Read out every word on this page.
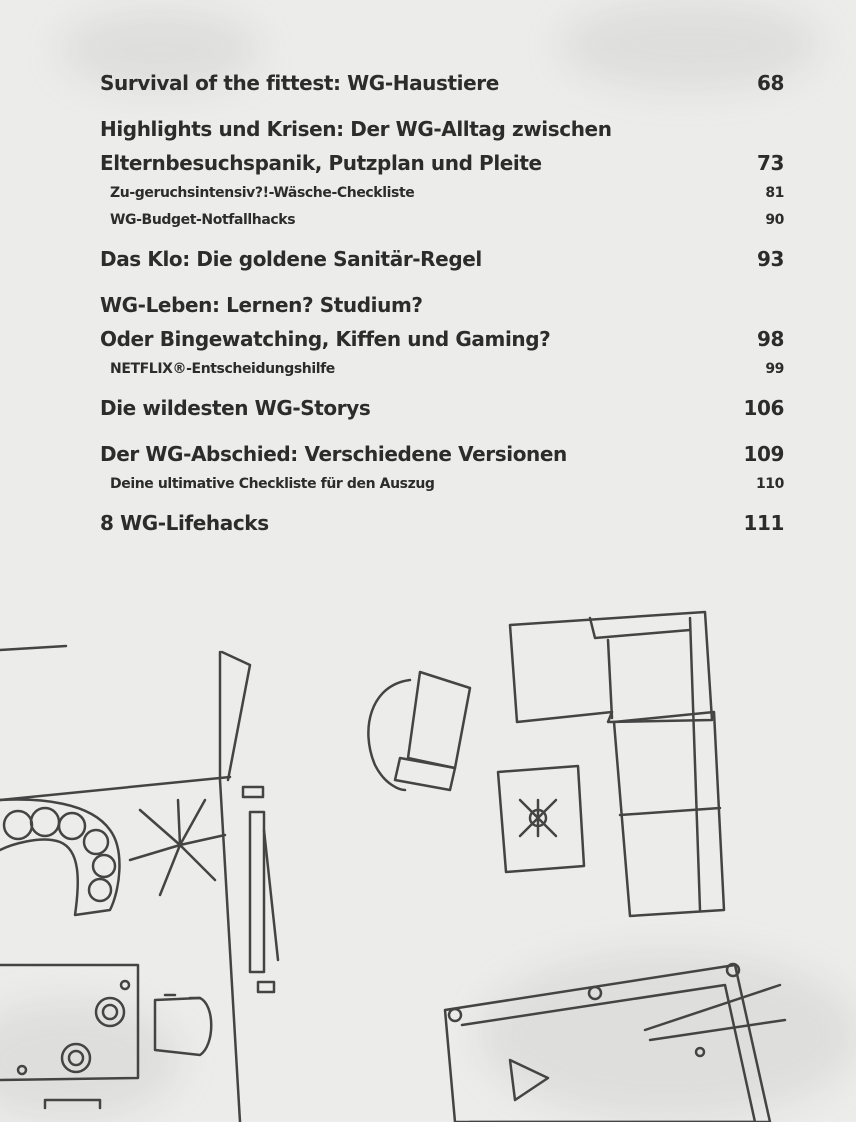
Survival of the fittest: WG-Haustiere	68
Highlights und Krisen: Der WG-Alltag zwischen
Elternbesuchspanik, Putzplan und Pleite	73
Zu-geruchsintensiv?!-Wäsche-Checkliste	81
WG-Budget-Notfallhacks	90
Das Klo: Die goldene Sanitär-Regel	93
WG-Leben: Lernen? Studium?
Oder Bingewatching, Kiffen und Gaming?	98
NETFLIX®-Entscheidungshilfe	99
Die wildesten WG-Storys	106
Der WG-Abschied: Verschiedene Versionen	109
Deine ultimative Checkliste für den Auszug	110
8 WG-Lifehacks	111
